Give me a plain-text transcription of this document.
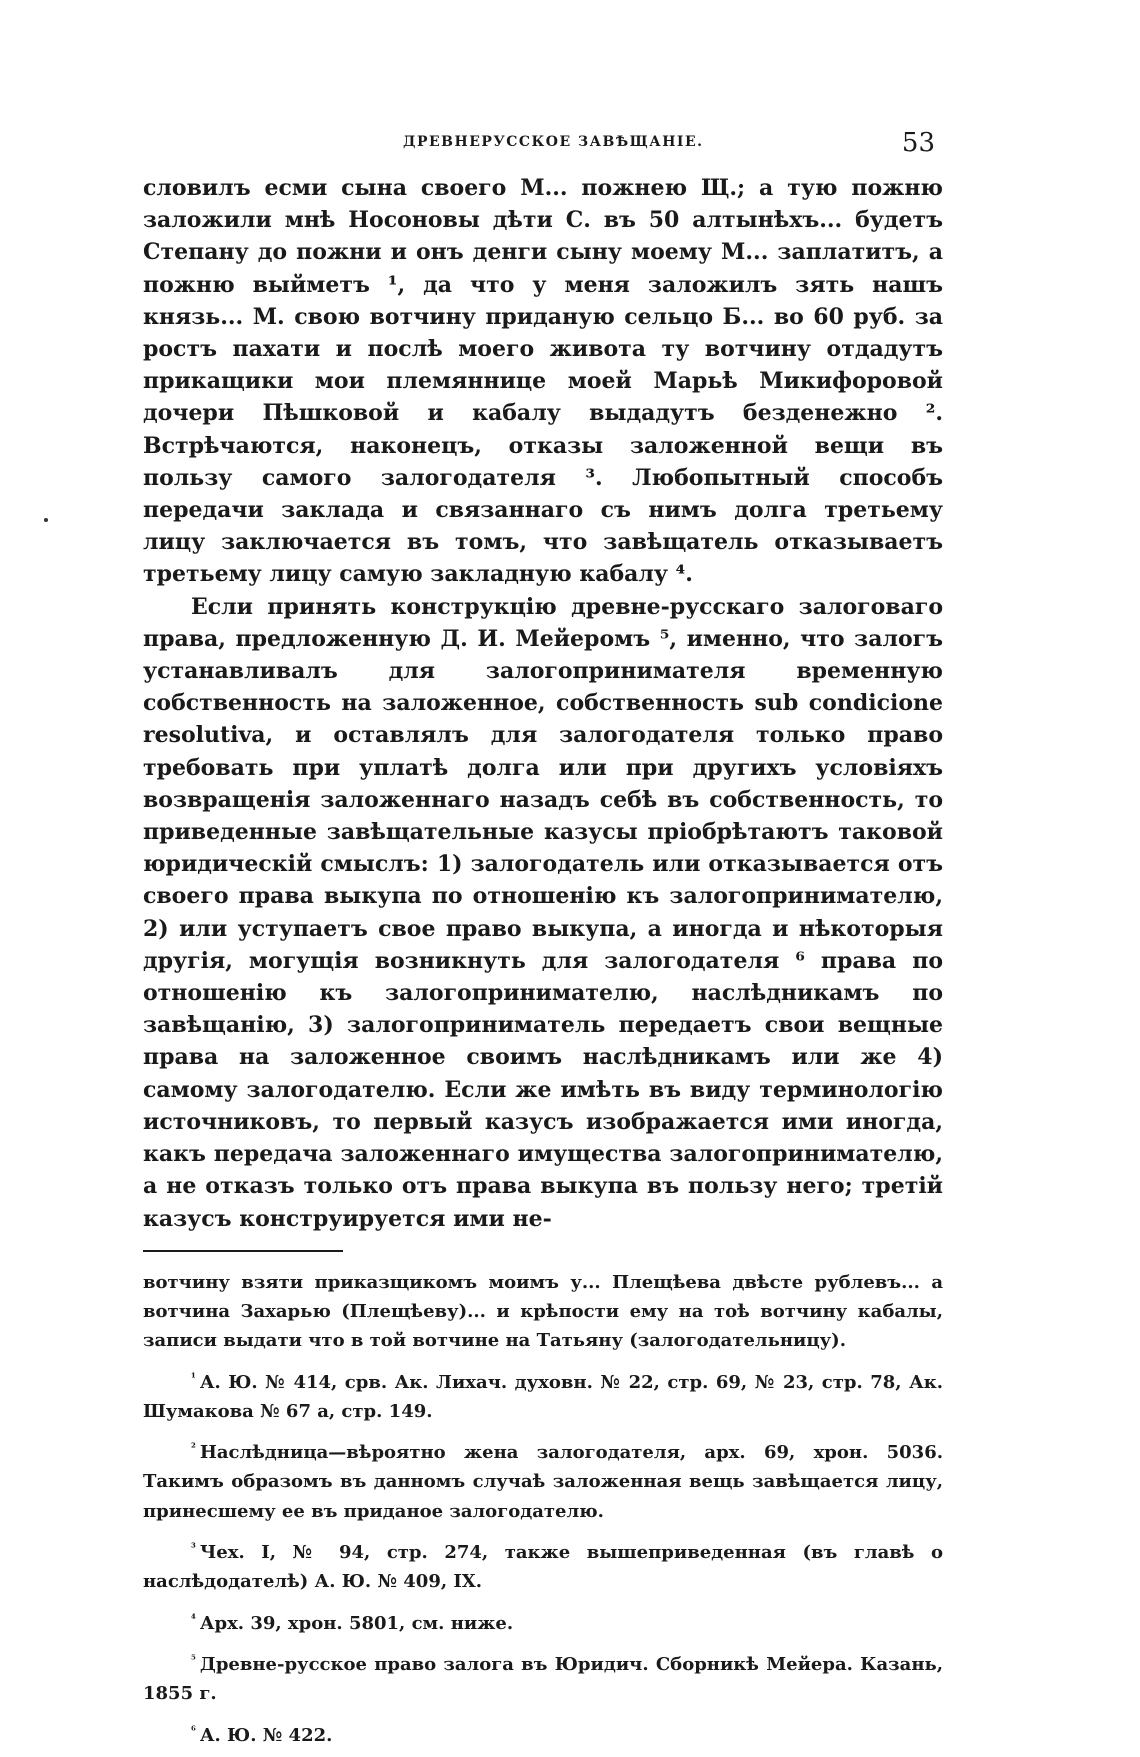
ДРЕВНЕРУССКОЕ ЗАВѢЩАНІЕ.	53

словилъ есми сына своего М... пожнею Щ.; а тую пожню заложили мнѣ Носоновы дѣти С. въ 50 алтынѣхъ... будетъ Степану до пожни и онъ денги сыну моему М... заплатитъ, а пожню выйметъ ¹, да что у меня заложилъ зять нашъ князь... М. свою вотчину приданую сельцо Б... во 60 руб. за ростъ пахати и послѣ моего живота ту вотчину отдадутъ прикащики мои племяннице моей Марьѣ Микифоровой дочери Пѣшковой и кабалу выдадутъ безденежно ². Встрѣчаются, наконецъ, отказы заложенной вещи въ пользу самого залогодателя ³. Любопытный способъ передачи заклада и связаннаго съ нимъ долга третьему лицу заключается въ томъ, что завѣщатель отказываетъ третьему лицу самую закладную кабалу ⁴.

Если принять конструкцію древне-русскаго залоговаго права, предложенную Д. И. Мейеромъ ⁵, именно, что залогъ устанавливалъ для залогопринимателя временную собственность на заложенное, собственность sub condicione resolutiva, и оставлялъ для залогодателя только право требовать при уплатѣ долга или при другихъ условіяхъ возвращенія заложеннаго назадъ себѣ въ собственность, то приведенные завѣщательные казусы пріобрѣтаютъ таковой юридическій смыслъ: 1) залогодатель или отказывается отъ своего права выкупа по отношенію къ залогопринимателю, 2) или уступаетъ свое право выкупа, а иногда и нѣкоторыя другія, могущія возникнуть для залогодателя ⁶ права по отношенію къ залогопринимателю, наслѣдникамъ по завѣщанію, 3) залогоприниматель передаетъ свои вещные права на заложенное своимъ наслѣдникамъ или же 4) самому залогодателю. Если же имѣть въ виду терминологію источниковъ, то первый казусъ изображается ими иногда, какъ передача заложеннаго имущества залогопринимателю, а не отказъ только отъ права выкупа въ пользу него; третій казусъ конструируется ими не-

вотчину взяти приказщикомъ моимъ у... Плещѣева двѣсте рублевъ... а вотчина Захарью (Плещѣеву)... и крѣпости ему на тоѣ вотчину кабалы, записи выдати что в той вотчине на Татьяну (залогодательницу).

$^{^1}$ А. Ю. № 414, срв. Ак. Лихач. духовн. № 22, стр. 69, № 23, стр. 78, Ак. Шумакова № 67 а, стр. 149.

$^{^2}$ Наслѣдница—вѣроятно жена залогодателя, арх. 69, хрон. 5036. Такимъ образомъ въ данномъ случаѣ заложенная вещь завѣщается лицу, принесшему ее въ приданое залогодателю.

$^{^3}$ Чех. I, № 94, стр. 274, также вышеприведенная (въ главѣ о наслѣдодателѣ) А. Ю. № 409, IX.

$^{^4}$ Арх. 39, хрон. 5801, см. ниже.

$^{^5}$ Древне-русское право залога въ Юридич. Сборникѣ Мейера. Казань, 1855 г.

$^{^6}$ А. Ю. № 422.
